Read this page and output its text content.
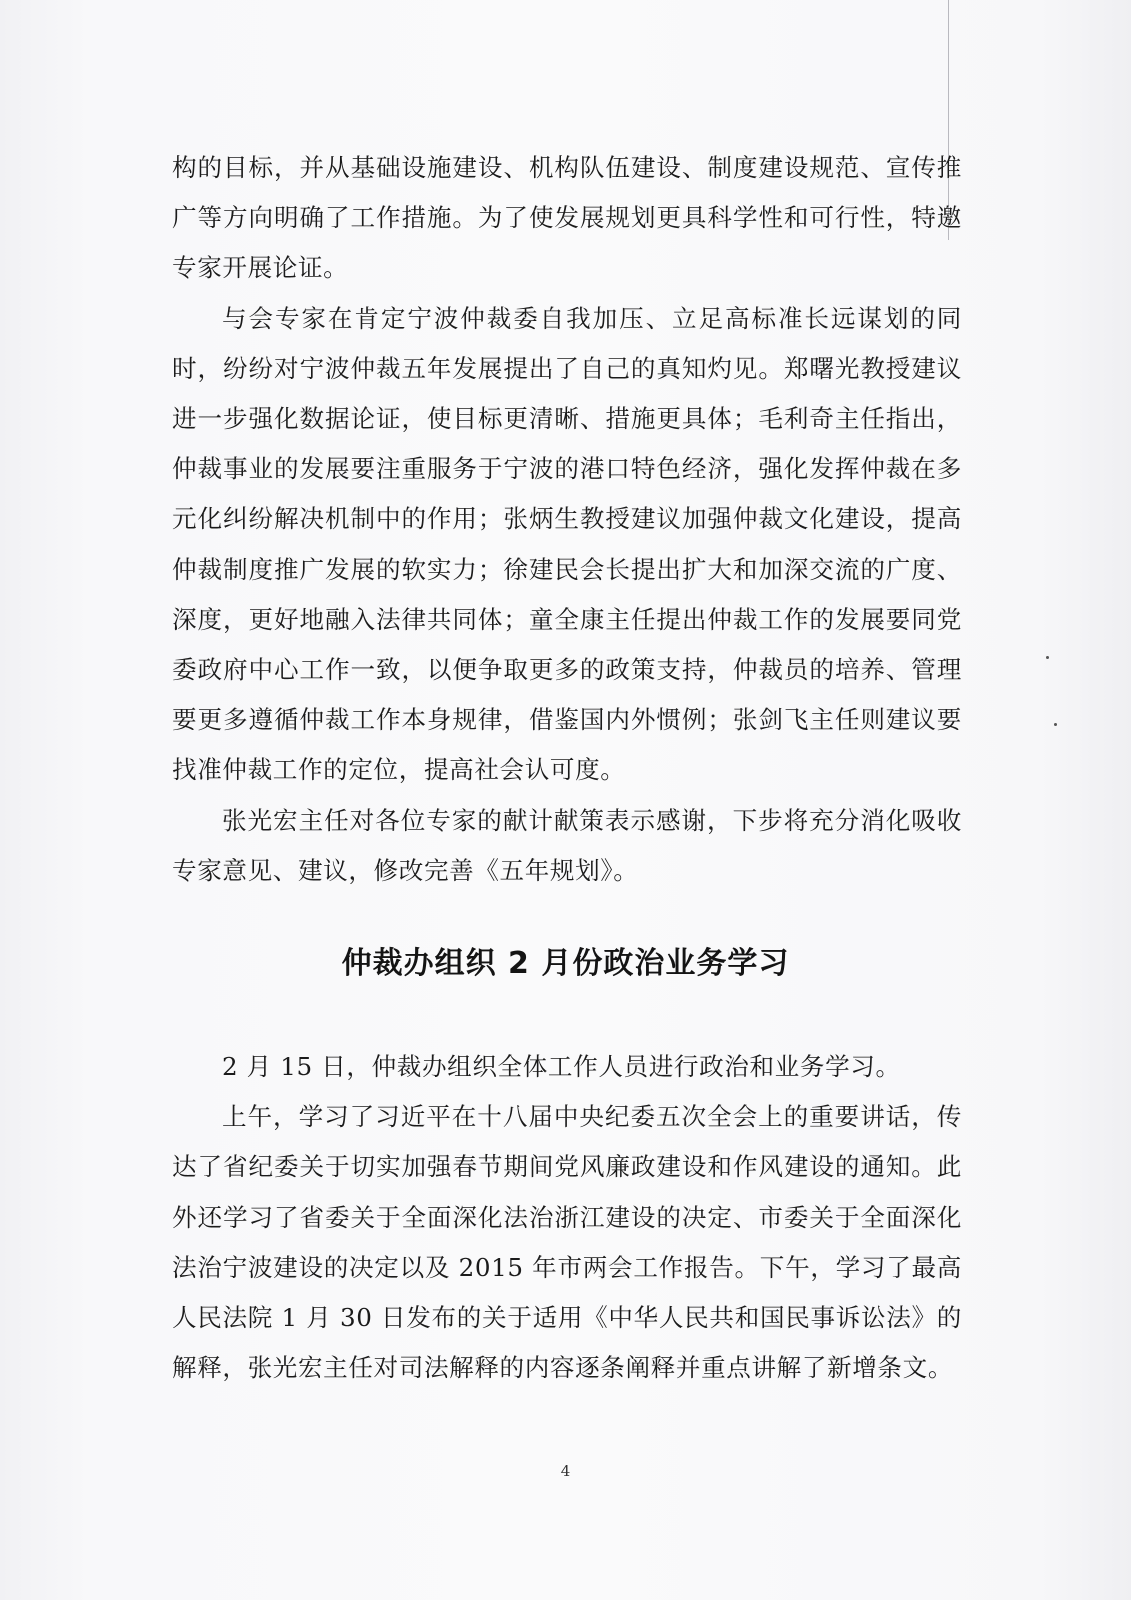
构的目标，并从基础设施建设、机构队伍建设、制度建设规范、宣传推广等方向明确了工作措施。为了使发展规划更具科学性和可行性，特邀专家开展论证。

与会专家在肯定宁波仲裁委自我加压、立足高标准长远谋划的同时，纷纷对宁波仲裁五年发展提出了自己的真知灼见。郑曙光教授建议进一步强化数据论证，使目标更清晰、措施更具体；毛利奇主任指出，仲裁事业的发展要注重服务于宁波的港口特色经济，强化发挥仲裁在多元化纠纷解决机制中的作用；张炳生教授建议加强仲裁文化建设，提高仲裁制度推广发展的软实力；徐建民会长提出扩大和加深交流的广度、深度，更好地融入法律共同体；童全康主任提出仲裁工作的发展要同党委政府中心工作一致，以便争取更多的政策支持，仲裁员的培养、管理要更多遵循仲裁工作本身规律，借鉴国内外惯例；张剑飞主任则建议要找准仲裁工作的定位，提高社会认可度。

张光宏主任对各位专家的献计献策表示感谢，下步将充分消化吸收专家意见、建议，修改完善《五年规划》。

仲裁办组织 2 月份政治业务学习

2 月 15 日，仲裁办组织全体工作人员进行政治和业务学习。

上午，学习了习近平在十八届中央纪委五次全会上的重要讲话，传达了省纪委关于切实加强春节期间党风廉政建设和作风建设的通知。此外还学习了省委关于全面深化法治浙江建设的决定、市委关于全面深化法治宁波建设的决定以及 2015 年市两会工作报告。下午，学习了最高人民法院 1 月 30 日发布的关于适用《中华人民共和国民事诉讼法》的解释，张光宏主任对司法解释的内容逐条阐释并重点讲解了新增条文。

4
